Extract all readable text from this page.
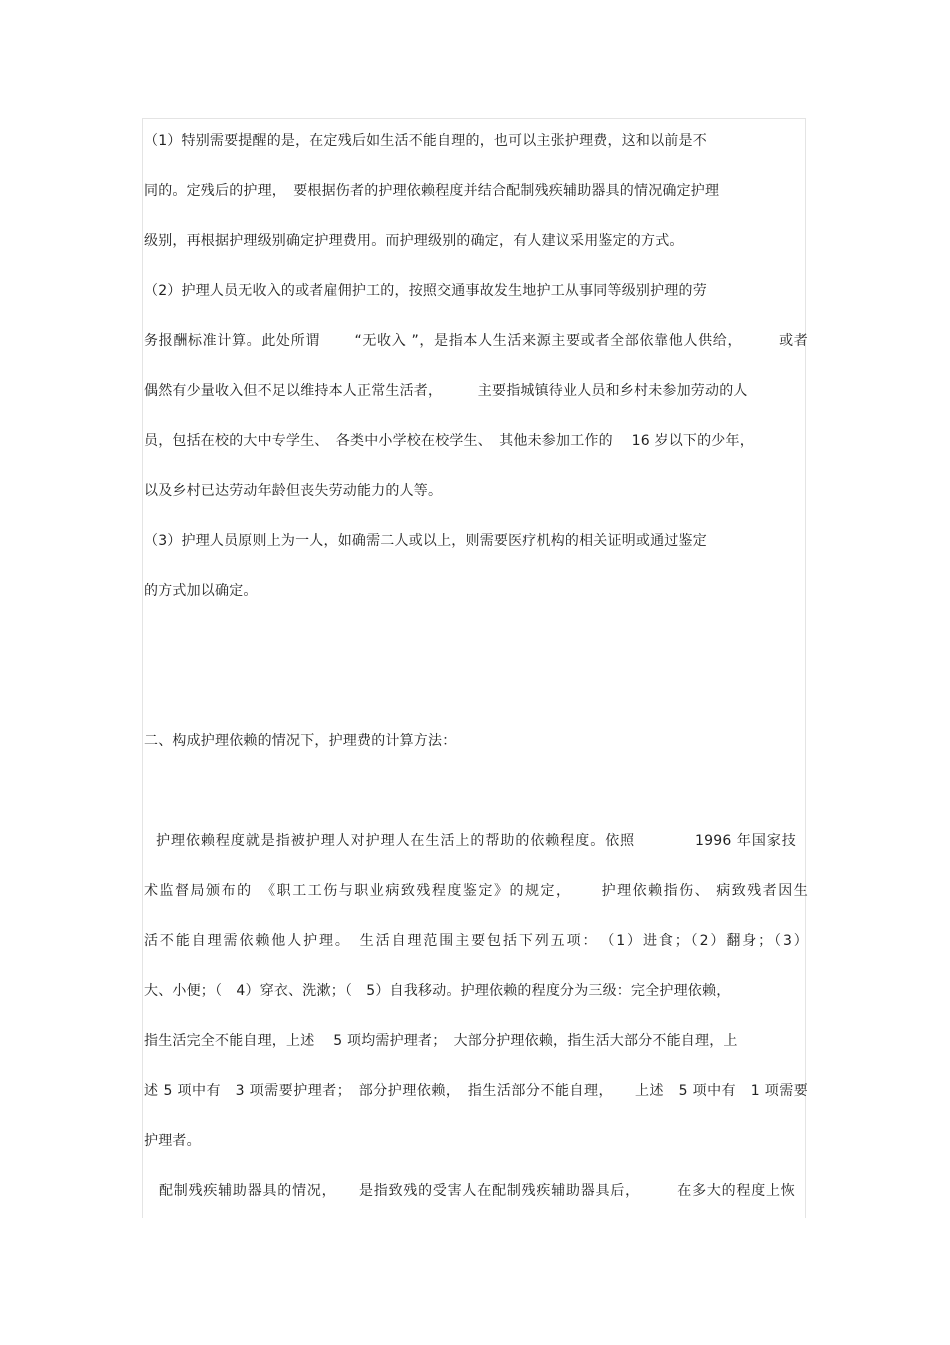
（1）特别需要提醒的是，在定残后如生活不能自理的，也可以主张护理费，这和以前是不

同的。定残后的护理，　要根据伤者的护理依赖程度并结合配制残疾辅助器具的情况确定护理

级别，再根据护理级别确定护理费用。而护理级别的确定，有人建议采用鉴定的方式。

（2）护理人员无收入的或者雇佣护工的，按照交通事故发生地护工从事同等级别护理的劳

务报酬标准计算。此处所谓　　 “无收入 ”，是指本人生活来源主要或者全部依靠他人供给，　　　或者

偶然有少量收入但不足以维持本人正常生活者，　　　主要指城镇待业人员和乡村未参加劳动的人

员，包括在校的大中专学生、　各类中小学校在校学生、　其他未参加工作的　 16 岁以下的少年，

以及乡村已达劳动年龄但丧失劳动能力的人等。

（3）护理人员原则上为一人，如确需二人或以上，则需要医疗机构的相关证明或通过鉴定

的方式加以确定。

二、构成护理依赖的情况下，护理费的计算方法：

护理依赖程度就是指被护理人对护理人在生活上的帮助的依赖程度。依照　　　　1996 年国家技

术监督局颁布的　《职工工伤与职业病致残程度鉴定》的规定，　　 护理依赖指伤、 病致残者因生

活不能自理需依赖他人护理。　生活自理范围主要包括下列五项：　（1）进食；（2）翻身；（3）

大、小便；（　4）穿衣、洗漱；（　5）自我移动。护理依赖的程度分为三级：完全护理依赖，

指生活完全不能自理，上述　 5 项均需护理者；　大部分护理依赖，指生活大部分不能自理，上

述 5 项中有　3 项需要护理者；　部分护理依赖，　指生活部分不能自理，　　上述　5 项中有　1 项需要

护理者。

配制残疾辅助器具的情况，　　是指致残的受害人在配制残疾辅助器具后，　　　在多大的程度上恢
